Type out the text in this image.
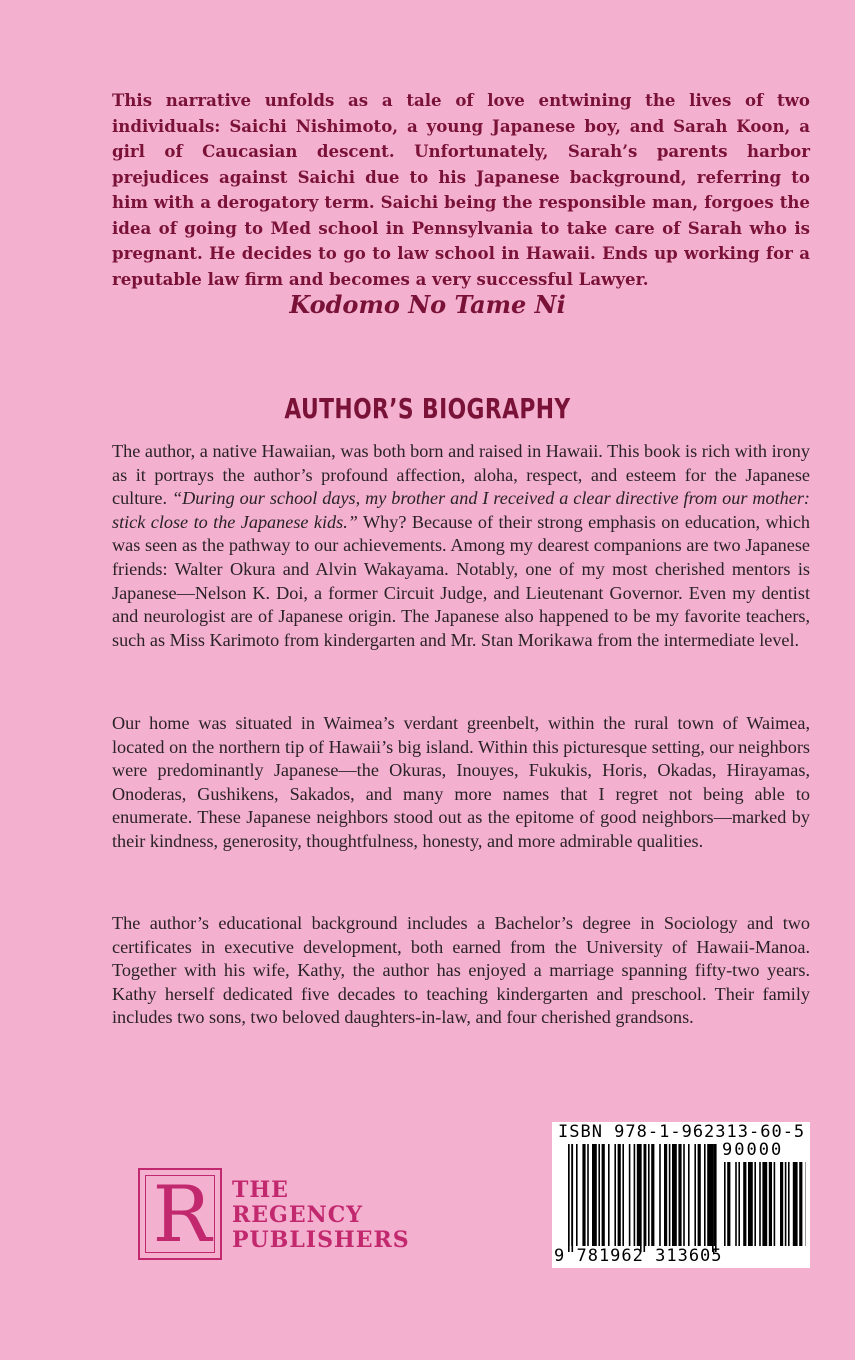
This narrative unfolds as a tale of love entwining the lives of two individuals: Saichi Nishimoto, a young Japanese boy, and Sarah Koon, a girl of Caucasian descent. Unfortunately, Sarah’s parents harbor prejudices against Saichi due to his Japanese background, referring to him with a derogatory term. Saichi being the responsible man, forgoes the idea of going to Med school in Pennsylvania to take care of Sarah who is pregnant. He decides to go to law school in Hawaii. Ends up working for a reputable law firm and becomes a very successful Lawyer.

Kodomo No Tame Ni

AUTHOR’S BIOGRAPHY

The author, a native Hawaiian, was both born and raised in Hawaii. This book is rich with irony as it portrays the author’s profound affection, aloha, respect, and esteem for the Japanese culture. “During our school days, my brother and I received a clear directive from our mother: stick close to the Japanese kids.” Why? Because of their strong emphasis on education, which was seen as the pathway to our achievements. Among my dearest companions are two Japanese friends: Walter Okura and Alvin Wakayama. Notably, one of my most cherished mentors is Japanese—Nelson K. Doi, a former Circuit Judge, and Lieutenant Governor. Even my dentist and neurologist are of Japanese origin. The Japanese also happened to be my favorite teachers, such as Miss Karimoto from kindergarten and Mr. Stan Morikawa from the intermediate level.

Our home was situated in Waimea’s verdant greenbelt, within the rural town of Waimea, located on the northern tip of Hawaii’s big island. Within this picturesque setting, our neighbors were predominantly Japanese—the Okuras, Inouyes, Fukukis, Horis, Okadas, Hirayamas, Onoderas, Gushikens, Sakados, and many more names that I regret not being able to enumerate. These Japanese neighbors stood out as the epitome of good neighbors—marked by their kindness, generosity, thoughtfulness, honesty, and more admirable qualities.

The author’s educational background includes a Bachelor’s degree in Sociology and two certificates in executive development, both earned from the University of Hawaii-Manoa. Together with his wife, Kathy, the author has enjoyed a marriage spanning fifty-two years. Kathy herself dedicated five decades to teaching kindergarten and preschool. Their family includes two sons, two beloved daughters-in-law, and four cherished grandsons.

R THE
REGENCY
PUBLISHERS
ISBN 978-1-962313-60-5
90000
9 781962 313605
